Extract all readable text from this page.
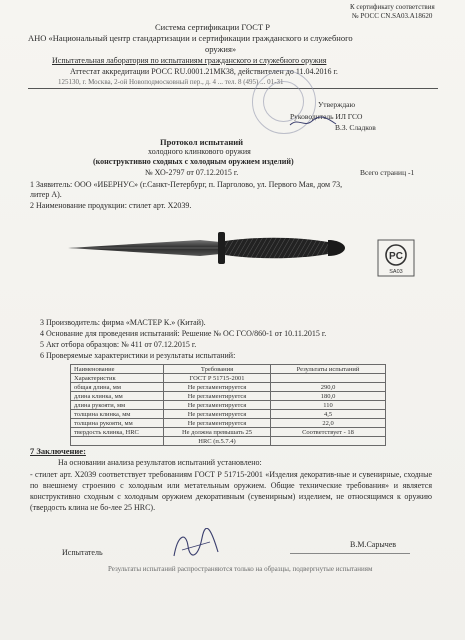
К сертификату соответствия
№ РОСС CN.SA03.A18620
Система сертификации ГОСТ Р
АНО «Национальный центр стандартизации и сертификации гражданского и служебного
оружия»
Испытательная лаборатория по испытаниям гражданского и служебного оружия
Аттестат аккредитации РОСС RU.0001.21МК38, действителен до 11.04.2016 г.
125130, г. Москва, 2-ой Новоподмосковный пер., д. 4 ... тел. 8 (495) ... 01-31
Утверждаю
Руководитель ИЛ ГСО
В.З. Сладков
Протокол испытаний
холодного клинкового оружия
(конструктивно сходных с холодным оружием изделий)
№ ХО-2797 от 07.12.2015 г.	Всего страниц -1
1 Заявитель: ООО «ИБЕРНУС» (г.Санкт-Петербург, п. Парголово, ул. Первого Мая, дом 73,
литер А).
2 Наименование продукции: стилет арт. X2039.
PC
SA03
3 Производитель: фирма «МАСТЕР К.» (Китай).
4 Основание для проведения испытаний: Решение № ОС ГСО/860-1 от 10.11.2015 г.
5 Акт отбора образцов: № 411 от 07.12.2015 г.
6 Проверяемые характеристики и результаты испытаний:
Наименование	Требования	Результаты испытаний
Характеристик	ГОСТ Р 51715-2001	
общая длина, мм	Не регламентируется	290,0
длина клинка, мм	Не регламентируется	180,0
длина рукояти, мм	Не регламентируется	110
толщина клинка, мм	Не регламентируется	4,5
толщина рукояти, мм	Не регламентируется	22,0
твердость клинка, HRC	Не должна превышать 25	Соответствует - 18
	HRC (п.5.7.4)	
7 Заключение:
На основании анализа результатов испытаний установлено:
- стилет арт. X2039 соответствует требованиям ГОСТ Р 51715-2001 «Изделия декоратив-ные и сувенирные, сходные по внешнему строению с холодным или метательным оружием. Общие технические требования» и является конструктивно сходным с холодным оружием декоративным (сувенирным) изделием, не относящимся к оружию (твердость клина не бо-лее 25 HRC).
Испытатель
В.М.Сарычев
Результаты испытаний распространяются только на образцы, подвергнутые испытаниям
